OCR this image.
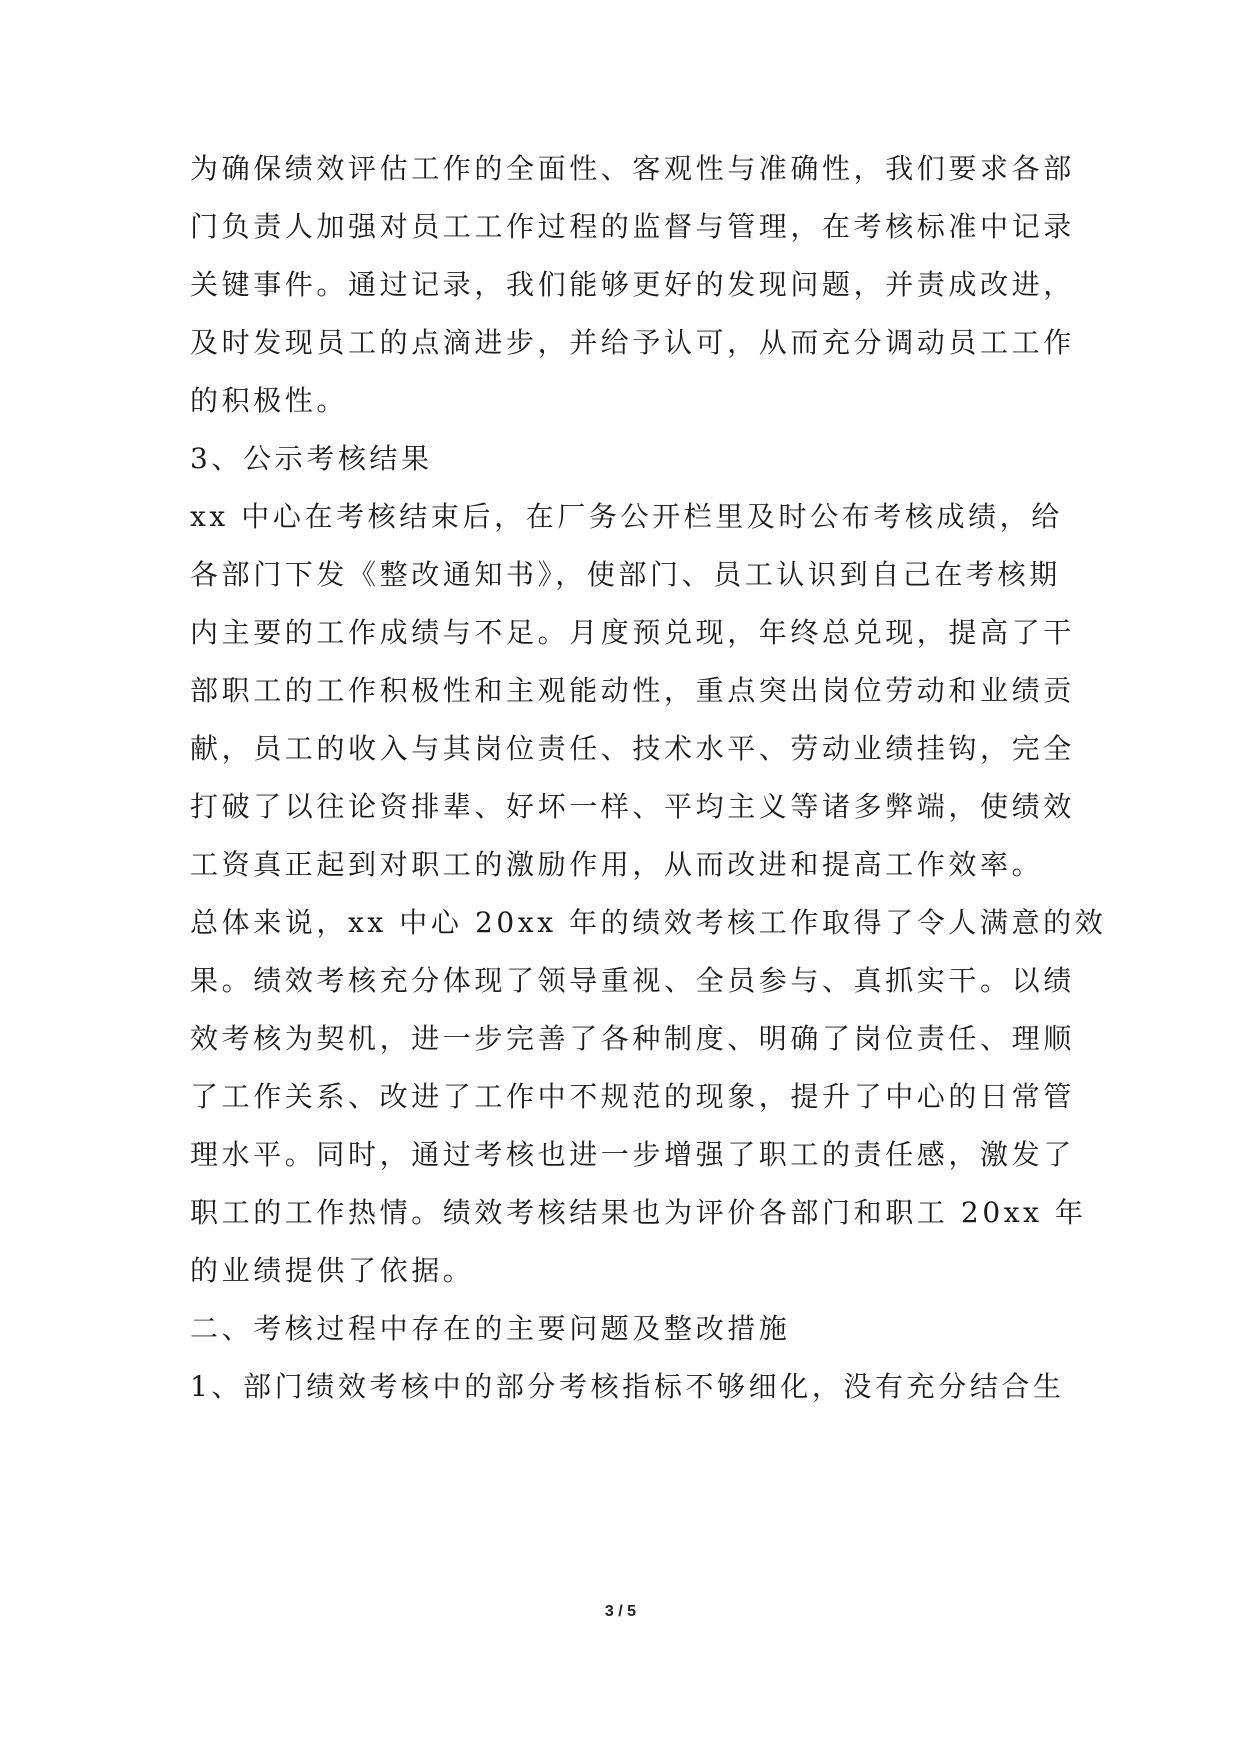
为确保绩效评估工作的全面性、客观性与准确性，我们要求各部

门负责人加强对员工工作过程的监督与管理，在考核标准中记录

关键事件。通过记录，我们能够更好的发现问题，并责成改进，

及时发现员工的点滴进步，并给予认可，从而充分调动员工工作

的积极性。

3、公示考核结果

xx 中心在考核结束后，在厂务公开栏里及时公布考核成绩，给

各部门下发《整改通知书》，使部门、员工认识到自己在考核期

内主要的工作成绩与不足。月度预兑现，年终总兑现，提高了干

部职工的工作积极性和主观能动性，重点突出岗位劳动和业绩贡

献，员工的收入与其岗位责任、技术水平、劳动业绩挂钩，完全

打破了以往论资排辈、好坏一样、平均主义等诸多弊端，使绩效

工资真正起到对职工的激励作用，从而改进和提高工作效率。

总体来说，xx 中心 20xx 年的绩效考核工作取得了令人满意的效

果。绩效考核充分体现了领导重视、全员参与、真抓实干。以绩

效考核为契机，进一步完善了各种制度、明确了岗位责任、理顺

了工作关系、改进了工作中不规范的现象，提升了中心的日常管

理水平。同时，通过考核也进一步增强了职工的责任感，激发了

职工的工作热情。绩效考核结果也为评价各部门和职工 20xx 年

的业绩提供了依据。

二、考核过程中存在的主要问题及整改措施

1、部门绩效考核中的部分考核指标不够细化，没有充分结合生

3 / 5
